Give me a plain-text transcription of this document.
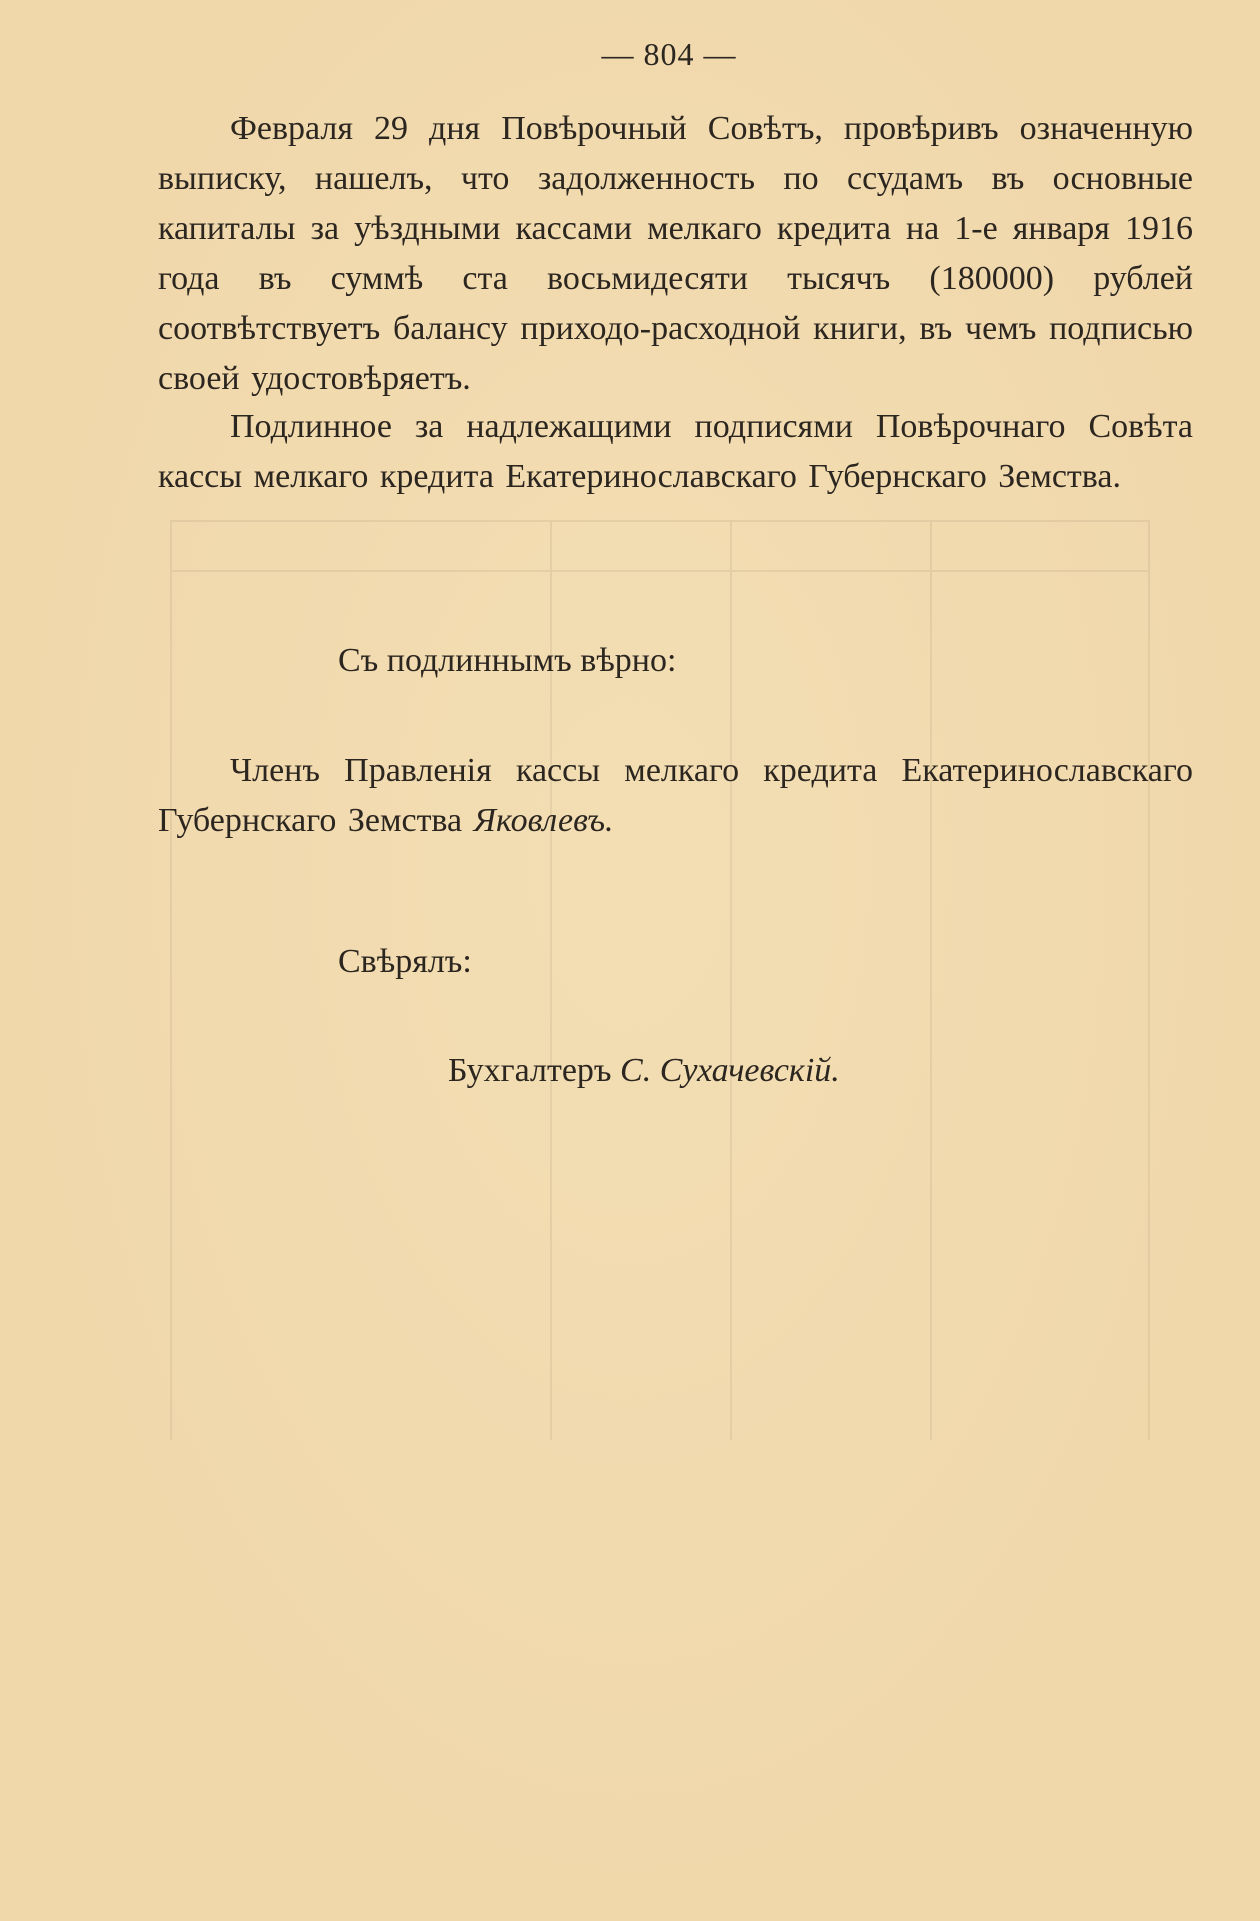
— 804 —

Февраля 29 дня Повѣрочный Совѣтъ, провѣривъ означенную выписку, нашелъ, что задолженность по ссудамъ въ основные капиталы за уѣздными кассами мелкаго кредита на 1-е января 1916 года въ суммѣ ста восьмидесяти тысячъ (180000) рублей соотвѣтствуетъ балансу приходо-расходной книги, въ чемъ подписью своей удостовѣряетъ.

Подлинное за надлежащими подписями Повѣрочнаго Совѣта кассы мелкаго кредита Екатеринославскаго Губернскаго Земства.

Съ подлиннымъ вѣрно:

Членъ Правленія кассы мелкаго кредита Екатеринославскаго Губернскаго Земства Яковлевъ.

Свѣрялъ:
Бухгалтеръ С. Сухачевскій.
